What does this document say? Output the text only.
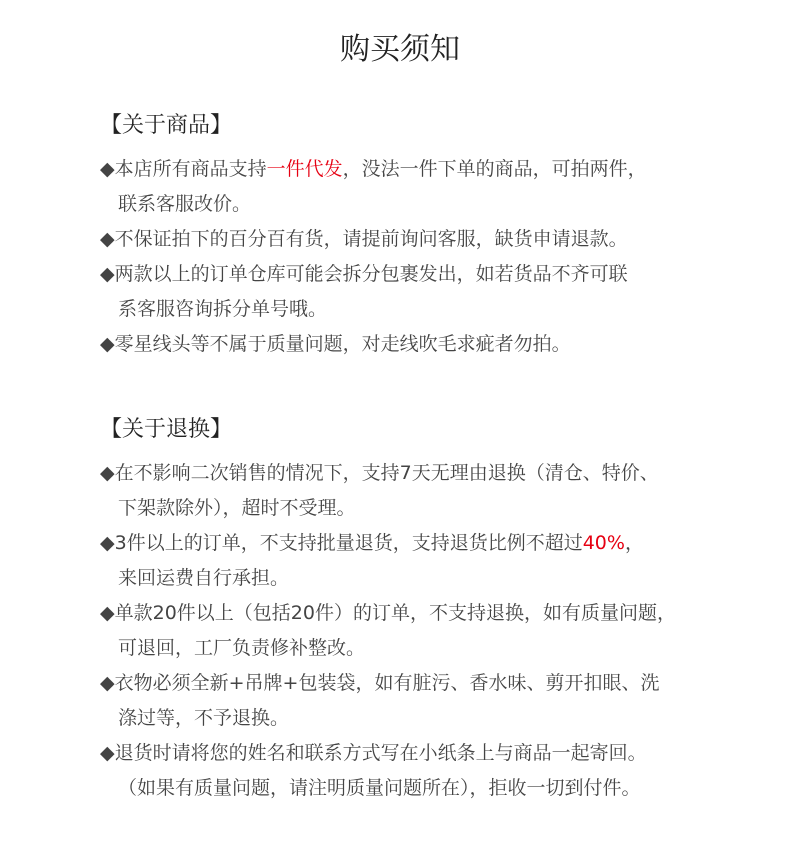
购买须知
【关于商品】
◆本店所有商品支持一件代发，没法一件下单的商品，可拍两件，
联系客服改价。
◆不保证拍下的百分百有货，请提前询问客服，缺货申请退款。
◆两款以上的订单仓库可能会拆分包裹发出，如若货品不齐可联
系客服咨询拆分单号哦。
◆零星线头等不属于质量问题，对走线吹毛求疵者勿拍。
【关于退换】
◆在不影响二次销售的情况下，支持7天无理由退换（清仓、特价、
下架款除外），超时不受理。
◆3件以上的订单，不支持批量退货，支持退货比例不超过40%，
来回运费自行承担。
◆单款20件以上（包括20件）的订单，不支持退换，如有质量问题，
可退回，工厂负责修补整改。
◆衣物必须全新+吊牌+包装袋，如有脏污、香水味、剪开扣眼、洗
涤过等，不予退换。
◆退货时请将您的姓名和联系方式写在小纸条上与商品一起寄回。
（如果有质量问题，请注明质量问题所在），拒收一切到付件。
